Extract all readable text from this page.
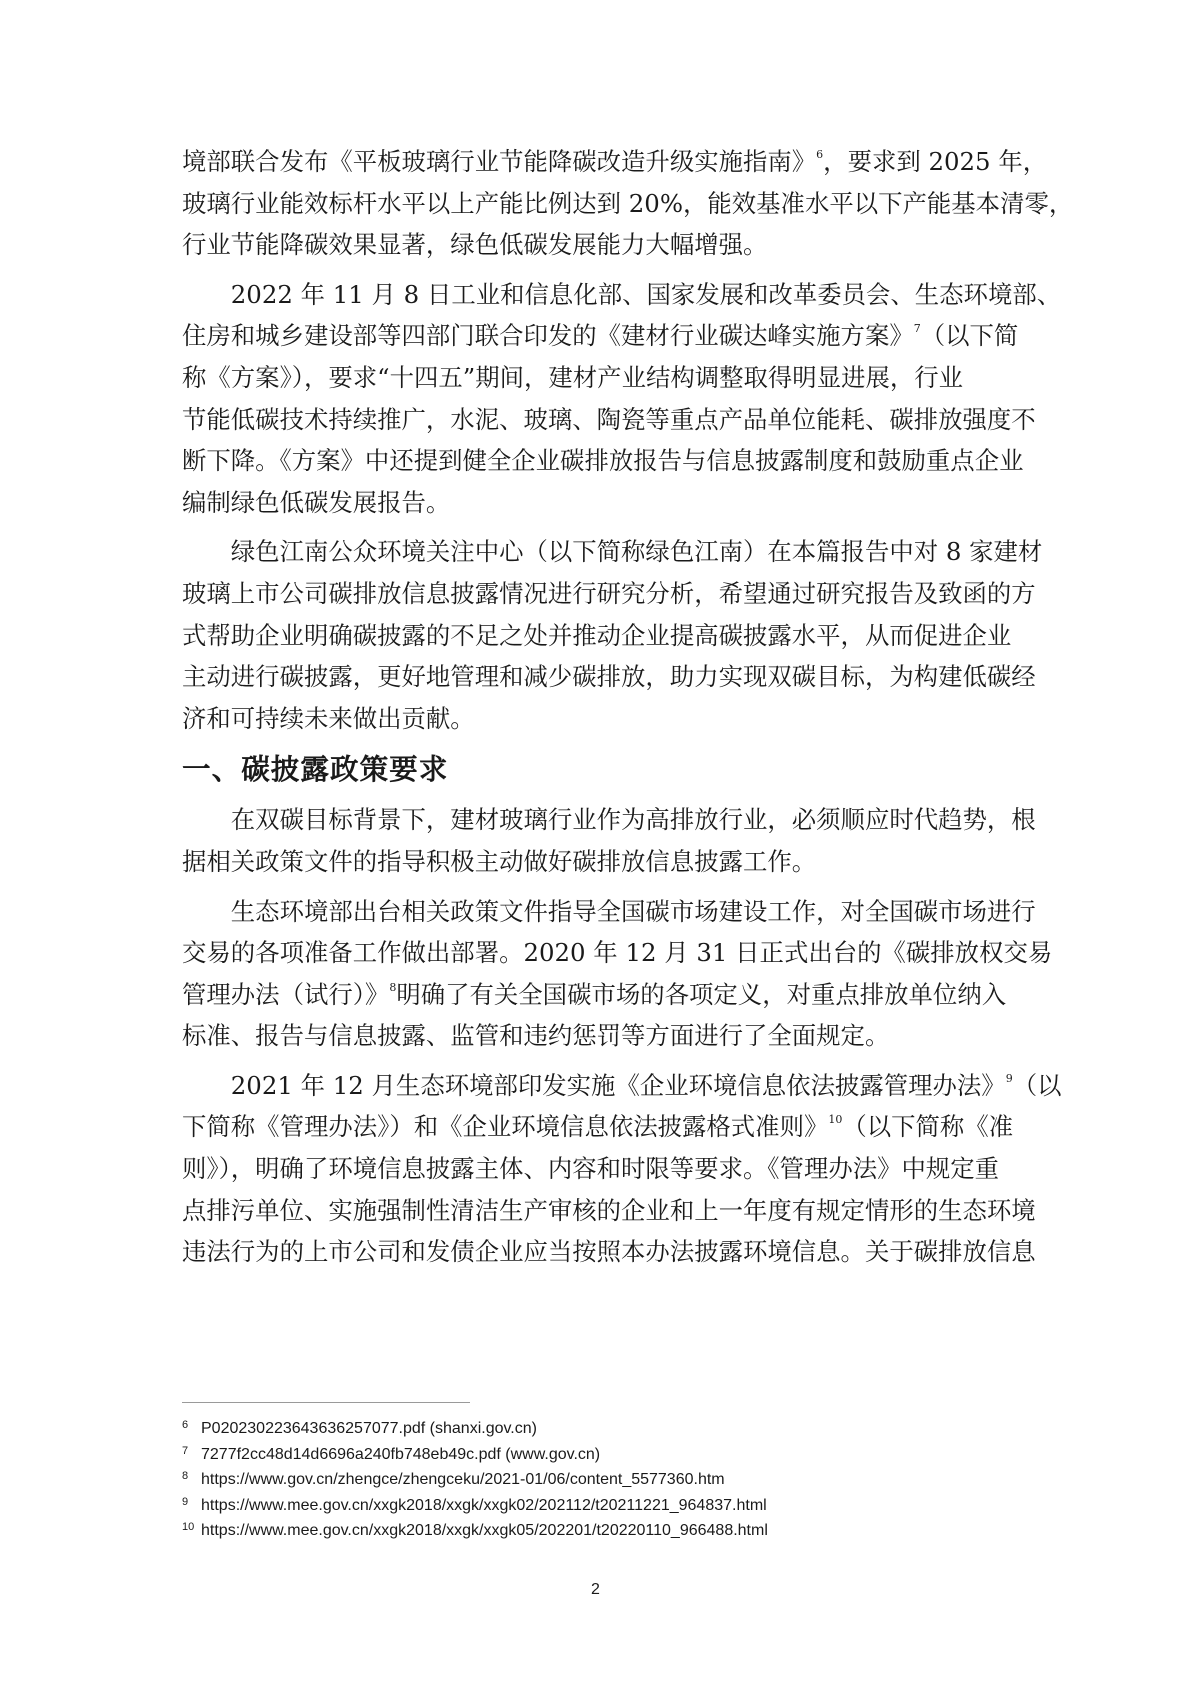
境部联合发布《平板玻璃行业节能降碳改造升级实施指南》$^6$，要求到 2025 年，
玻璃行业能效标杆水平以上产能比例达到 20%，能效基准水平以下产能基本清零，
行业节能降碳效果显著，绿色低碳发展能力大幅增强。
　　2022 年 11 月 8 日工业和信息化部、国家发展和改革委员会、生态环境部、
住房和城乡建设部等四部门联合印发的《建材行业碳达峰实施方案》$^7$（以下简
称《方案》），要求“十四五”期间，建材产业结构调整取得明显进展，行业
节能低碳技术持续推广，水泥、玻璃、陶瓷等重点产品单位能耗、碳排放强度不
断下降。《方案》中还提到健全企业碳排放报告与信息披露制度和鼓励重点企业
编制绿色低碳发展报告。
　　绿色江南公众环境关注中心（以下简称绿色江南）在本篇报告中对 8 家建材
玻璃上市公司碳排放信息披露情况进行研究分析，希望通过研究报告及致函的方
式帮助企业明确碳披露的不足之处并推动企业提高碳披露水平，从而促进企业
主动进行碳披露，更好地管理和减少碳排放，助力实现双碳目标，为构建低碳经
济和可持续未来做出贡献。
一、碳披露政策要求
　　在双碳目标背景下，建材玻璃行业作为高排放行业，必须顺应时代趋势，根
据相关政策文件的指导积极主动做好碳排放信息披露工作。
　　生态环境部出台相关政策文件指导全国碳市场建设工作，对全国碳市场进行
交易的各项准备工作做出部署。2020 年 12 月 31 日正式出台的《碳排放权交易
管理办法（试行）》$^8$明确了有关全国碳市场的各项定义，对重点排放单位纳入
标准、报告与信息披露、监管和违约惩罚等方面进行了全面规定。
　　2021 年 12 月生态环境部印发实施《企业环境信息依法披露管理办法》$^9$（以
下简称《管理办法》）和《企业环境信息依法披露格式准则》$^{10}$（以下简称《准
则》），明确了环境信息披露主体、内容和时限等要求。《管理办法》中规定重
点排污单位、实施强制性清洁生产审核的企业和上一年度有规定情形的生态环境
违法行为的上市公司和发债企业应当按照本办法披露环境信息。关于碳排放信息
6 P020230223643636257077.pdf (shanxi.gov.cn)
7 7277f2cc48d14d6696a240fb748eb49c.pdf (www.gov.cn)
8 https://www.gov.cn/zhengce/zhengceku/2021-01/06/content_5577360.htm
9 https://www.mee.gov.cn/xxgk2018/xxgk/xxgk02/202112/t20211221_964837.html
10 https://www.mee.gov.cn/xxgk2018/xxgk/xxgk05/202201/t20220110_966488.html
2
